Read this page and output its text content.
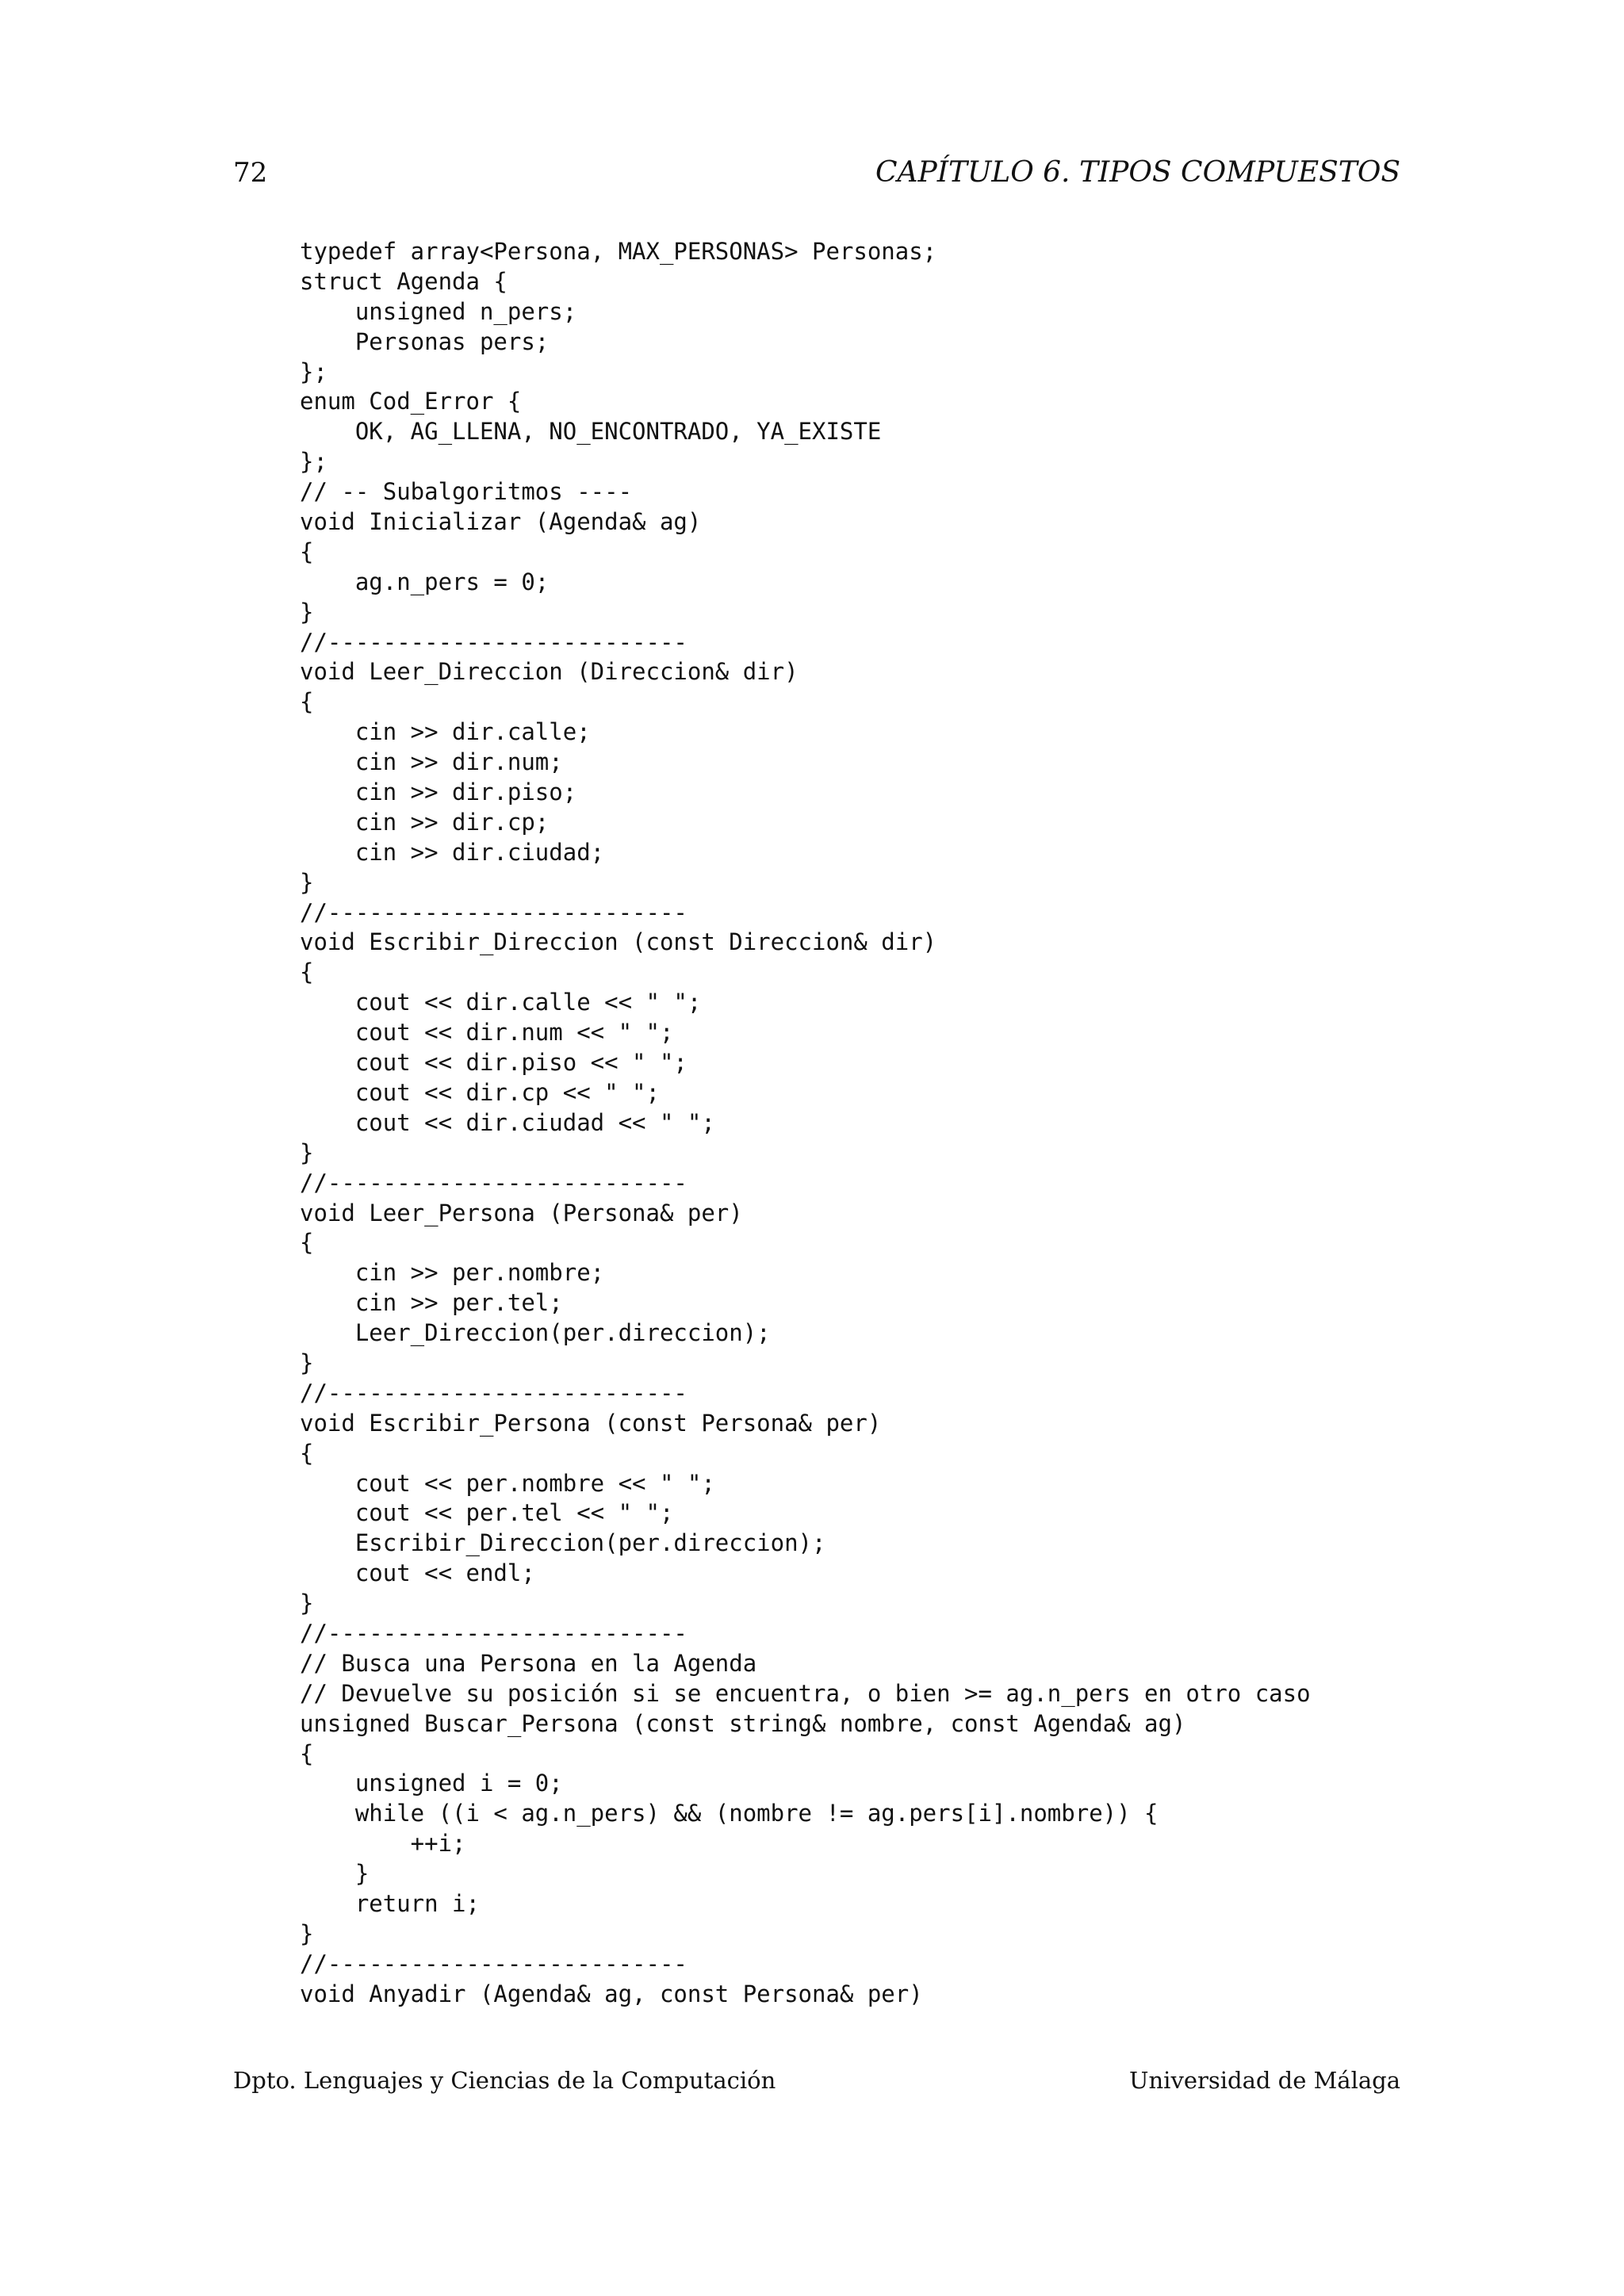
72	CAPÍTULO 6. TIPOS COMPUESTOS
typedef array<Persona, MAX_PERSONAS> Personas;
struct Agenda {
unsigned n_pers;
Personas pers;
};
enum Cod_Error {
OK, AG_LLENA, NO_ENCONTRADO, YA_EXISTE
};
// -- Subalgoritmos ----
void Inicializar (Agenda& ag)
{
ag.n_pers = 0;
}
//--------------------------
void Leer_Direccion (Direccion& dir)
{
cin >> dir.calle;
cin >> dir.num;
cin >> dir.piso;
cin >> dir.cp;
cin >> dir.ciudad;
}
//--------------------------
void Escribir_Direccion (const Direccion& dir)
{
cout << dir.calle << " ";
cout << dir.num << " ";
cout << dir.piso << " ";
cout << dir.cp << " ";
cout << dir.ciudad << " ";
}
//--------------------------
void Leer_Persona (Persona& per)
{
cin >> per.nombre;
cin >> per.tel;
Leer_Direccion(per.direccion);
}
//--------------------------
void Escribir_Persona (const Persona& per)
{
cout << per.nombre << " ";
cout << per.tel << " ";
Escribir_Direccion(per.direccion);
cout << endl;
}
//--------------------------
// Busca una Persona en la Agenda
// Devuelve su posición si se encuentra, o bien >= ag.n_pers en otro caso
unsigned Buscar_Persona (const string& nombre, const Agenda& ag)
{
unsigned i = 0;
while ((i < ag.n_pers) && (nombre != ag.pers[i].nombre)) {
++i;
}
return i;
}
//--------------------------
void Anyadir (Agenda& ag, const Persona& per)
Dpto. Lenguajes y Ciencias de la Computación	Universidad de Málaga
